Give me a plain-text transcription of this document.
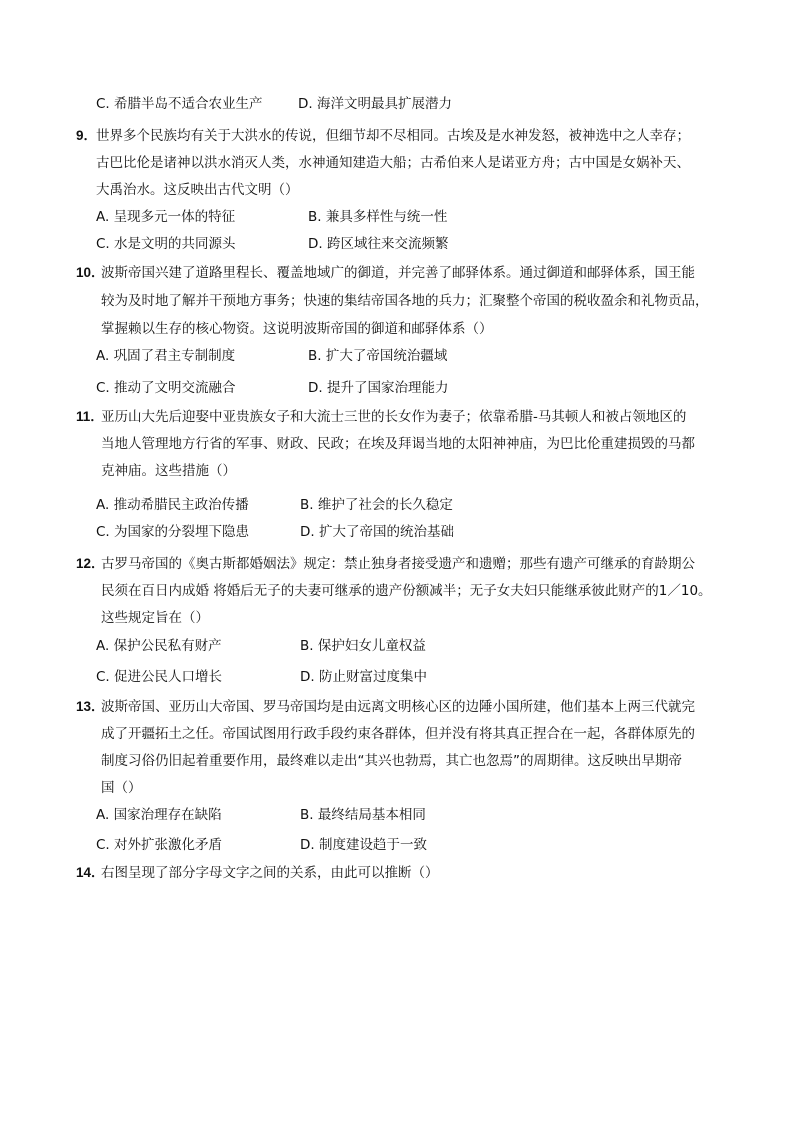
C. 希腊半岛不适合农业生产	D. 海洋文明最具扩展潜力
9．
世界多个民族均有关于大洪水的传说，但细节却不尽相同。古埃及是水神发怒，被神选中之人幸存；
古巴比伦是诸神以洪水消灭人类，水神通知建造大船；古希伯来人是诺亚方舟；古中国是女娲补天、
大禹治水。这反映出古代文明（）
A. 呈现多元一体的特征	B. 兼具多样性与统一性
C. 水是文明的共同源头	D. 跨区域往来交流频繁
10．
波斯帝国兴建了道路里程长、覆盖地域广的御道，并完善了邮驿体系。通过御道和邮驿体系，国王能
较为及时地了解并干预地方事务；快速的集结帝国各地的兵力；汇聚整个帝国的税收盈余和礼物贡品，
掌握赖以生存的核心物资。这说明波斯帝国的御道和邮驿体系（）
A. 巩固了君主专制制度	B. 扩大了帝国统治疆域
C. 推动了文明交流融合	D. 提升了国家治理能力
11．
亚历山大先后迎娶中亚贵族女子和大流士三世的长女作为妻子；依靠希腊-马其顿人和被占领地区的
当地人管理地方行省的军事、财政、民政；在埃及拜谒当地的太阳神神庙，为巴比伦重建损毁的马都
克神庙。这些措施（）
A. 推动希腊民主政治传播	B. 维护了社会的长久稳定
C. 为国家的分裂埋下隐患	D. 扩大了帝国的统治基础
12．
古罗马帝国的《奥古斯都婚姻法》规定：禁止独身者接受遗产和遗赠；那些有遗产可继承的育龄期公
民须在百日内成婚 将婚后无子的夫妻可继承的遗产份额减半；无子女夫妇只能继承彼此财产的1／10。
这些规定旨在（）
A. 保护公民私有财产	B. 保护妇女儿童权益
C. 促进公民人口增长	D. 防止财富过度集中
13．
波斯帝国、亚历山大帝国、罗马帝国均是由远离文明核心区的边陲小国所建，他们基本上两三代就完
成了开疆拓土之任。帝国试图用行政手段约束各群体，但并没有将其真正捏合在一起，各群体原先的
制度习俗仍旧起着重要作用，最终难以走出“其兴也勃焉，其亡也忽焉”的周期律。这反映出早期帝
国（）
A. 国家治理存在缺陷	B. 最终结局基本相同
C. 对外扩张激化矛盾	D. 制度建设趋于一致
14．
右图呈现了部分字母文字之间的关系，由此可以推断（）
